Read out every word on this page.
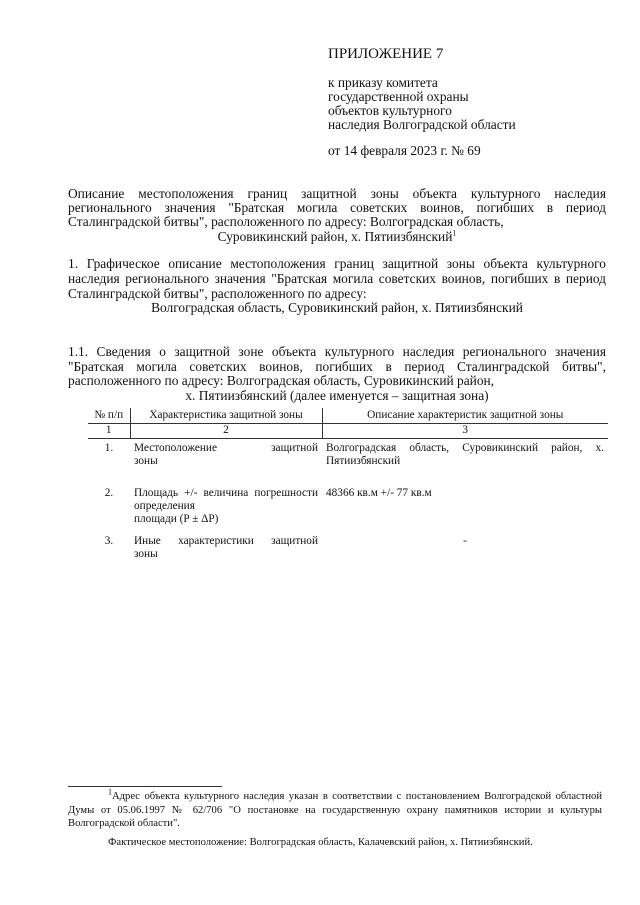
ПРИЛОЖЕНИЕ 7
к приказу комитета
государственной охраны
объектов культурного
наследия Волгоградской области
от 14 февраля 2023 г. № 69
Описание местоположения границ защитной зоны объекта культурного наследия регионального значения "Братская могила советских воинов, погибших в период Сталинградской битвы", расположенного по адресу: Волгоградская область,
Суровикинский район, х. Пятиизбянский$^1$
1. Графическое описание местоположения границ защитной зоны объекта культурного наследия регионального значения "Братская могила советских воинов, погибших в период Сталинградской битвы", расположенного по адресу:
Волгоградская область, Суровикинский район, х. Пятиизбянский
1.1. Сведения о защитной зоне объекта культурного наследия регионального значения "Братская могила советских воинов, погибших в период Сталинградской битвы", расположенного по адресу: Волгоградская область, Суровикинский район,
х. Пятиизбянский (далее именуется – защитная зона)
№ п/п	Характеристика защитной зоны	Описание характеристик защитной зоны
1	2	3
1.	Местоположение защитной
зоны	Волгоградская область, Суровикинский район, х. Пятиизбянский
2.	Площадь +/- величина погрешности определения
площади (P ± ΔP)	48366 кв.м +/- 77 кв.м
3.	Иные характеристики защитной
зоны	-

$^1$Адрес объекта культурного наследия указан в соответствии с постановлением Волгоградской областной Думы от 05.06.1997 № 62/706 "О постановке на государственную охрану памятников истории и культуры Волгоградской области".

Фактическое местоположение: Волгоградская область, Калачевский район, х. Пятиизбянский.
